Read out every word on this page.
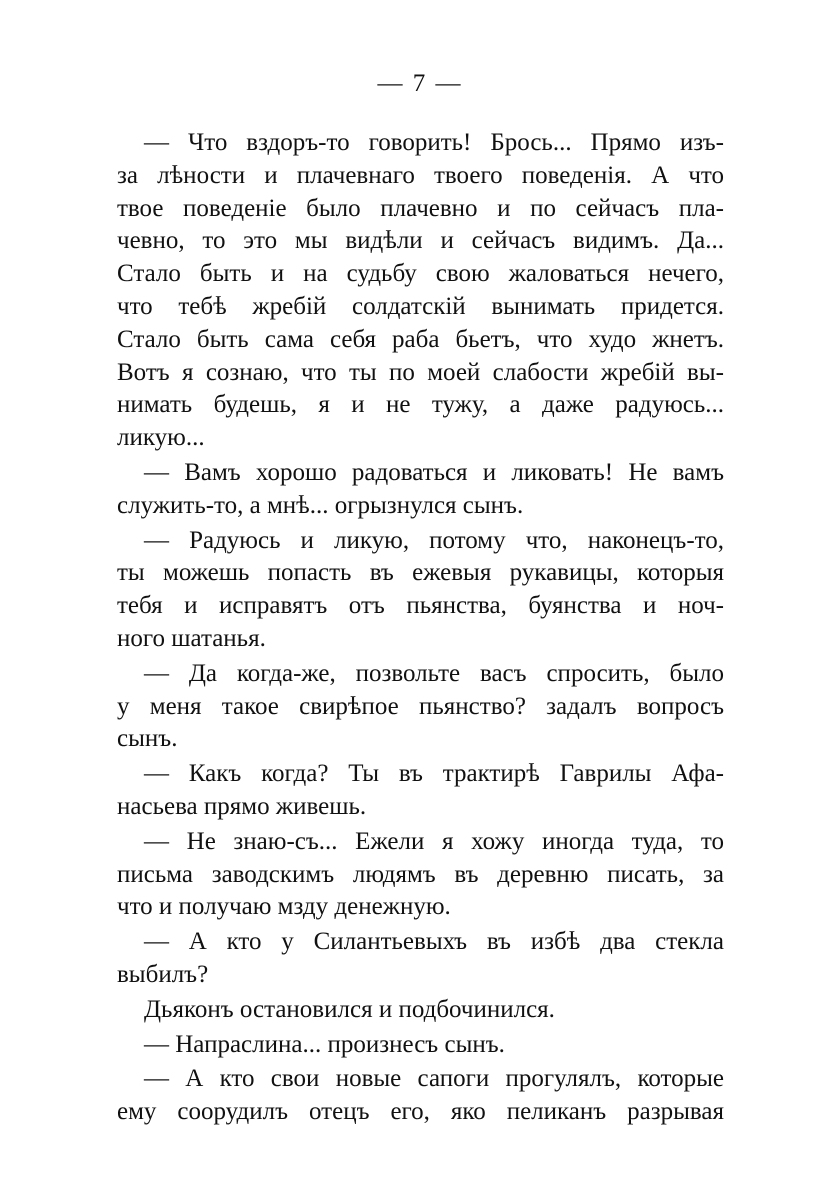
— 7 —
— Что вздоръ-то говорить! Брось... Прямо изъ-
за лѣности и плачевнаго твоего поведенія. А что
твое поведеніе было плачевно и по сейчасъ пла-
чевно, то это мы видѣли и сейчасъ видимъ. Да...
Стало быть и на судьбу свою жаловаться нечего,
что тебѣ жребій солдатскій вынимать придется.
Стало быть сама себя раба бьетъ, что худо жнетъ.
Вотъ я сознаю, что ты по моей слабости жребій вы-
нимать будешь, я и не тужу, а даже радуюсь...
ликую...
— Вамъ хорошо радоваться и ликовать! Не вамъ
служить-то, а мнѣ... огрызнулся сынъ.
— Радуюсь и ликую, потому что, наконецъ-то,
ты можешь попасть въ ежевыя рукавицы, которыя
тебя и исправятъ отъ пьянства, буянства и ноч-
ного шатанья.
— Да когда-же, позвольте васъ спросить, было
у меня такое свирѣпое пьянство? задалъ вопросъ
сынъ.
— Какъ когда? Ты въ трактирѣ Гаврилы Афа-
насьева прямо живешь.
— Не знаю-съ... Ежели я хожу иногда туда, то
письма заводскимъ людямъ въ деревню писать, за
что и получаю мзду денежную.
— А кто у Силантьевыхъ въ избѣ два стекла
выбилъ?
Дьяконъ остановился и подбочинился.
— Напраслина... произнесъ сынъ.
— А кто свои новые сапоги прогулялъ, которые
ему соорудилъ отецъ его, яко пеликанъ разрывая
